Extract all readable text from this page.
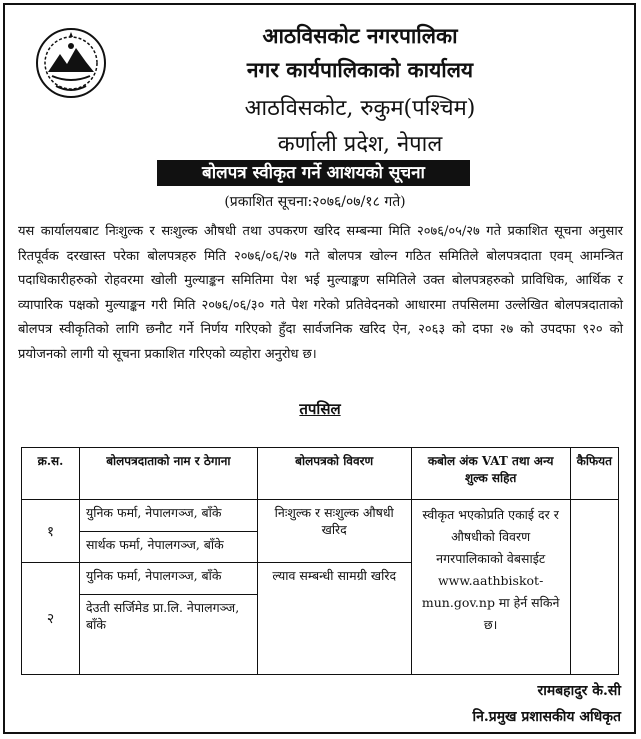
आठविसकोट नगरपालिका
नगर कार्यपालिकाको कार्यालय
आठविसकोट, रुकुम(पश्चिम)
कर्णाली प्रदेश, नेपाल
बोलपत्र स्वीकृत गर्ने आशयको सूचना
(प्रकाशित सूचना:२०७६/०७/१८ गते)

यस कार्यालयबाट निःशुल्क र सःशुल्क औषधी तथा उपकरण खरिद सम्बन्मा मिति २०७६/०५/२७ गते प्रकाशित सूचना अनुसार रितपूर्वक दरखास्त परेका बोलपत्रहरु मिति २०७६/०६/२७ गते बोलपत्र खोल्न गठित समितिले बोलपत्रदाता एवम् आमन्त्रित पदाधिकारीहरुको रोहवरमा खोली मुल्याङ्कन समितिमा पेश भई मुल्याङ्कण समितिले उक्त बोलपत्रहरुको प्राविधिक, आर्थिक र व्यापारिक पक्षको मुल्याङ्कन गरी मिति २०७६/०६/३० गते पेश गरेको प्रतिवेदनको आधारमा तपसिलमा उल्लेखित बोलपत्रदाताको बोलपत्र स्वीकृतिको लागि छनौट गर्ने निर्णय गरिएको हुँदा सार्वजनिक खरिद ऐन, २०६३ को दफा २७ को उपदफा ९२० को प्रयोजनको लागी यो सूचना प्रकाशित गरिएको व्यहोरा अनुरोध छ।

तपसिल
क्र.स.	बोलपत्रदाताको नाम र ठेगाना	बोलपत्रको विवरण	कबोल अंक VAT तथा अन्य शुल्क सहित	कैफियत
१	युनिक फर्मा, नेपालगञ्ज, बाँके	निःशुल्क र सःशुल्क औषधी खरिद	स्वीकृत भएकोप्रति एकाई दर र औषधीको विवरण नगरपालिकाको वेबसाईट www.aathbiskot-mun.gov.np मा हेर्न सकिने छ।	
	सार्थक फर्मा, नेपालगञ्ज, बाँके			
२	युनिक फर्मा, नेपालगञ्ज, बाँके	ल्याव सम्बन्धी सामग्री खरिद		
	देउती सर्जिमेड प्रा.लि. नेपालगञ्ज, बाँके			
रामबहादुर के.सी
नि.प्रमुख प्रशासकीय अधिकृत
